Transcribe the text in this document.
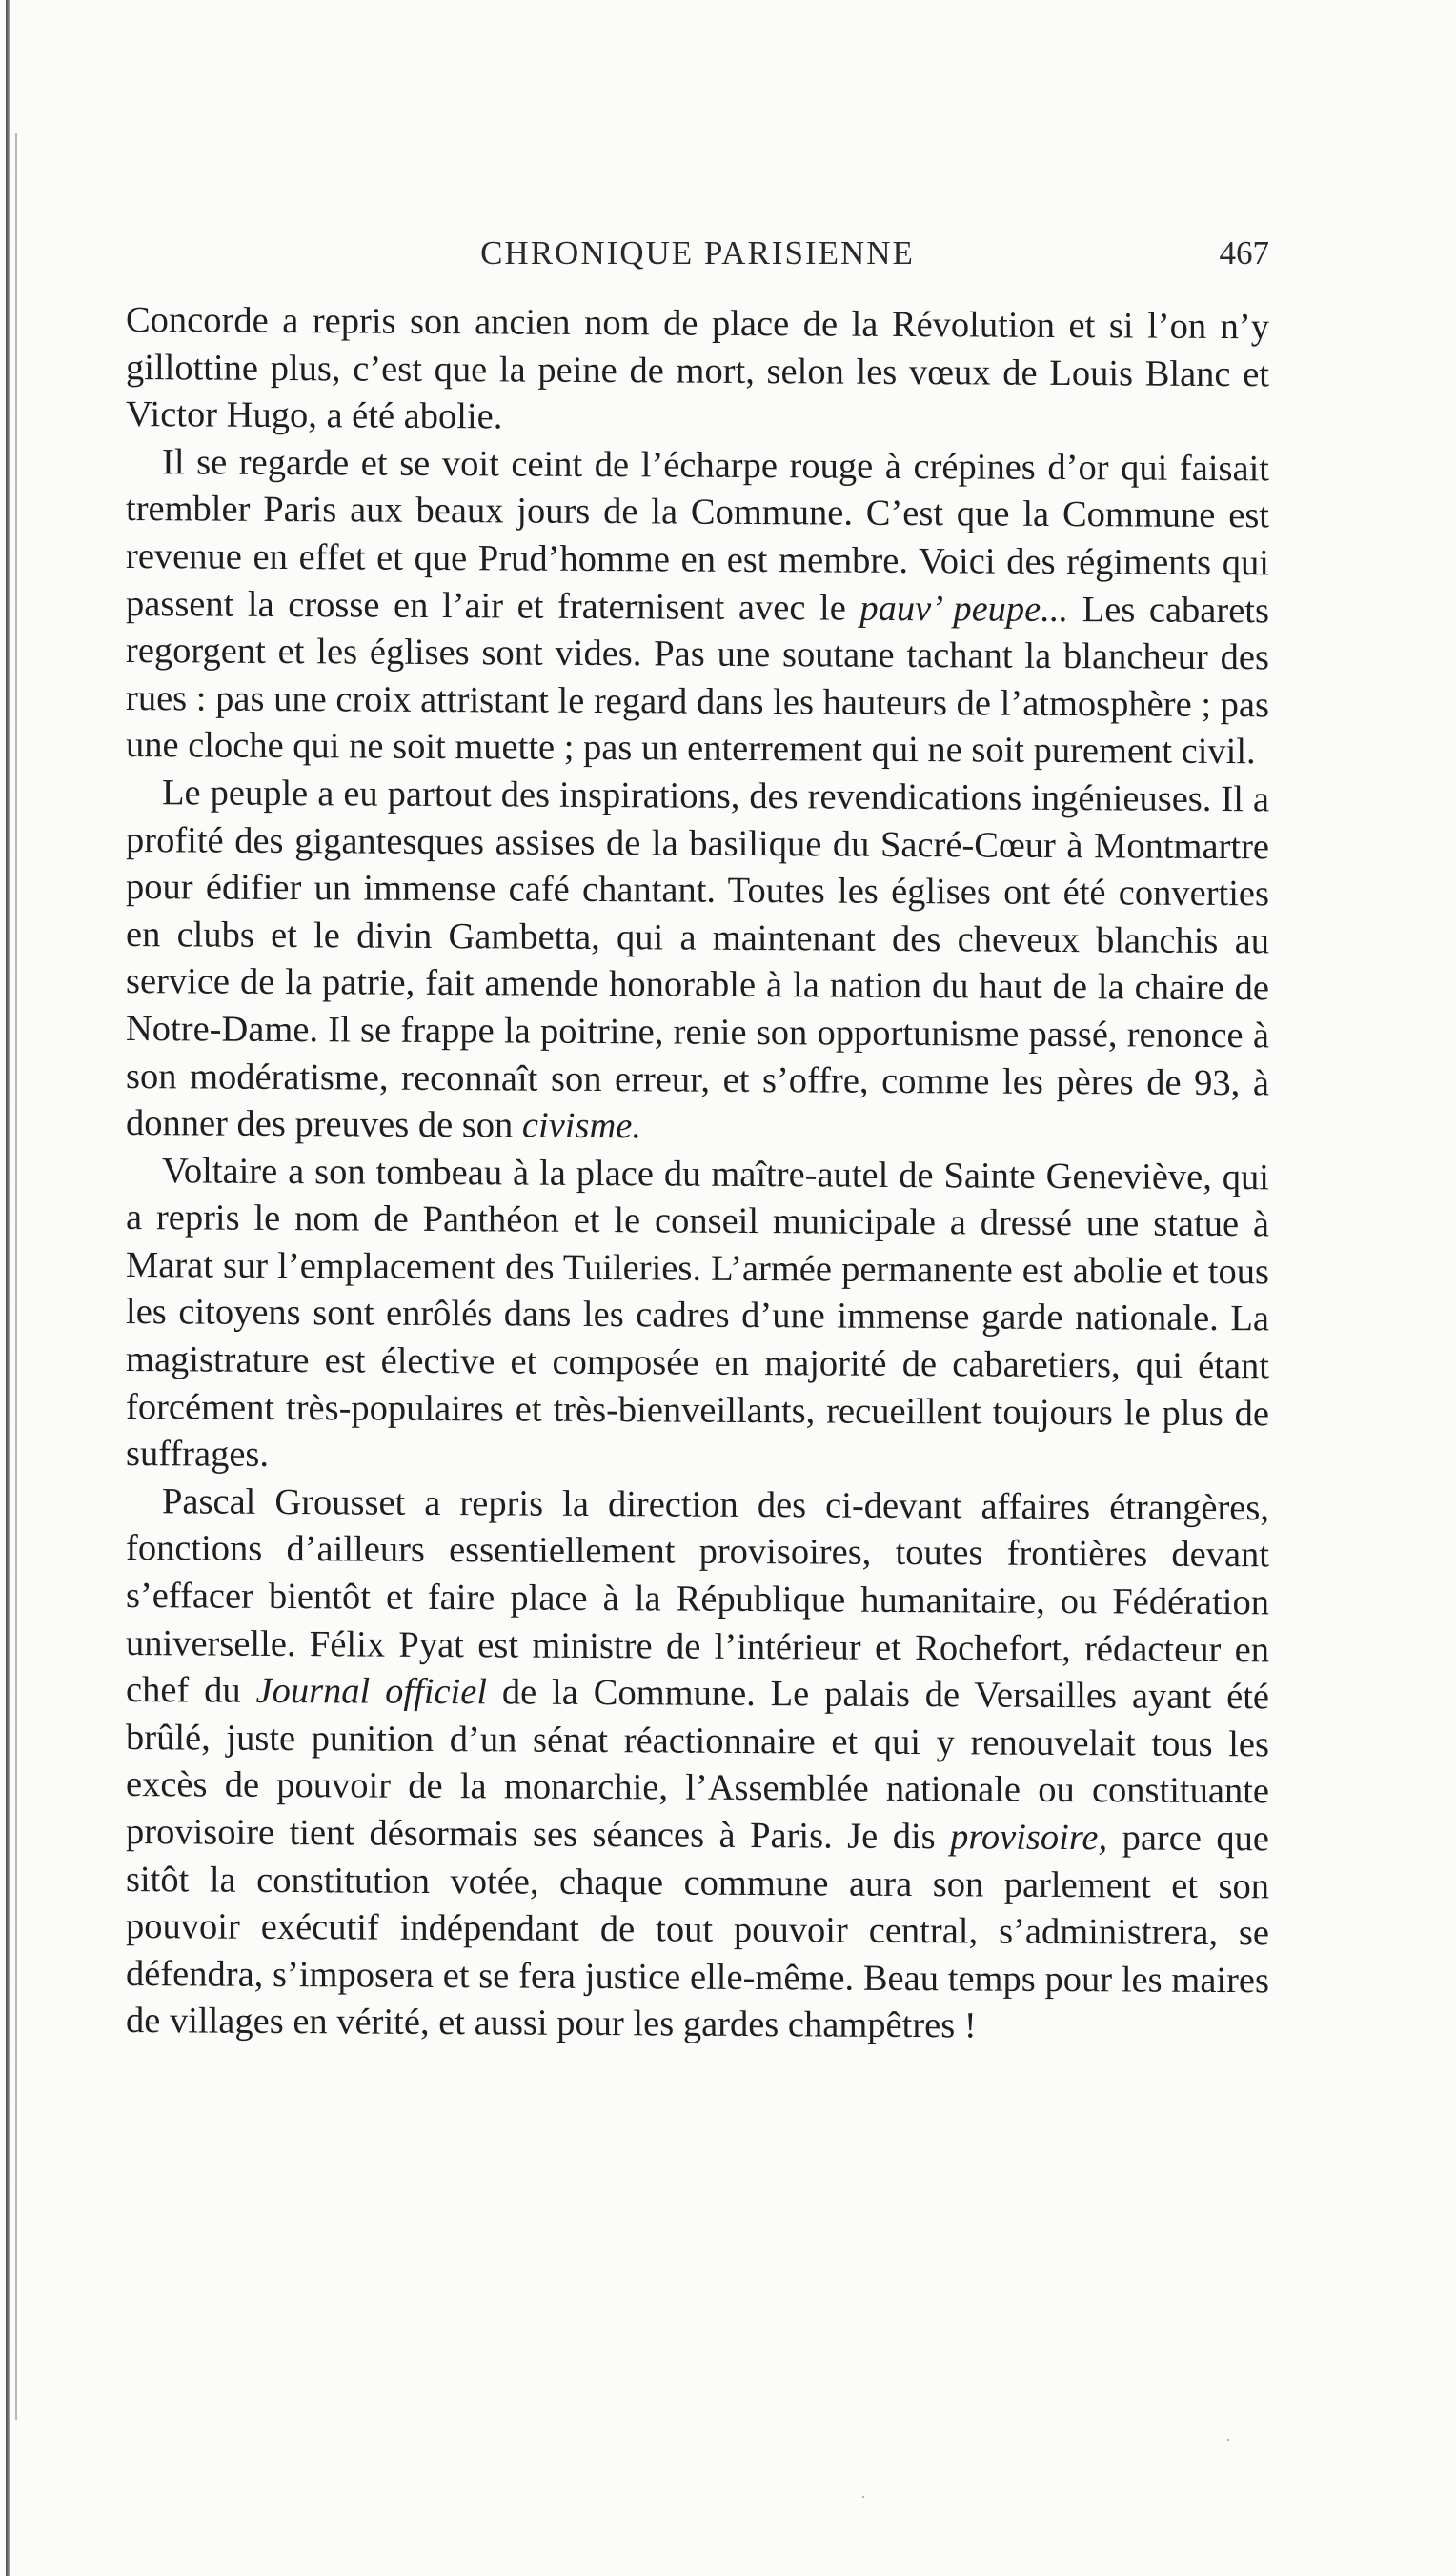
CHRONIQUE PARISIENNE	467

Concorde a repris son ancien nom de place de la Révolution et si l’on n’y gillottine plus, c’est que la peine de mort, selon les vœux de Louis Blanc et Victor Hugo, a été abolie.

Il se regarde et se voit ceint de l’écharpe rouge à crépines d’or qui faisait trembler Paris aux beaux jours de la Commune. C’est que la Commune est revenue en effet et que Prud’homme en est membre. Voici des régiments qui passent la crosse en l’air et fraternisent avec le pauv’ peupe... Les cabarets regorgent et les églises sont vides. Pas une soutane tachant la blancheur des rues : pas une croix attristant le regard dans les hauteurs de l’atmosphère ; pas une cloche qui ne soit muette ; pas un enterrement qui ne soit purement civil.

Le peuple a eu partout des inspirations, des revendications ingénieuses. Il a profité des gigantesques assises de la basilique du Sacré-Cœur à Montmartre pour édifier un immense café chantant. Toutes les églises ont été converties en clubs et le divin Gambetta, qui a maintenant des cheveux blanchis au service de la patrie, fait amende honorable à la nation du haut de la chaire de Notre-Dame. Il se frappe la poitrine, renie son opportunisme passé, renonce à son modératisme, reconnaît son erreur, et s’offre, comme les pères de 93, à donner des preuves de son civisme.

Voltaire a son tombeau à la place du maître-autel de Sainte Geneviève, qui a repris le nom de Panthéon et le conseil municipale a dressé une statue à Marat sur l’emplacement des Tuileries. L’armée permanente est abolie et tous les citoyens sont enrôlés dans les cadres d’une immense garde nationale. La magistrature est élective et composée en majorité de cabaretiers, qui étant forcément très-populaires et très-bienveillants, recueillent toujours le plus de suffrages.

Pascal Grousset a repris la direction des ci-devant affaires étrangères, fonctions d’ailleurs essentiellement provisoires, toutes frontières devant s’effacer bientôt et faire place à la République humanitaire, ou Fédération universelle. Félix Pyat est ministre de l’intérieur et Rochefort, rédacteur en chef du Journal officiel de la Commune. Le palais de Versailles ayant été brûlé, juste punition d’un sénat réactionnaire et qui y renouvelait tous les excès de pouvoir de la monarchie, l’Assemblée nationale ou constituante provisoire tient désormais ses séances à Paris. Je dis provisoire, parce que sitôt la constitution votée, chaque commune aura son parlement et son pouvoir exécutif indépendant de tout pouvoir central, s’administrera, se défendra, s’imposera et se fera justice elle-même. Beau temps pour les maires de villages en vérité, et aussi pour les gardes champêtres !
